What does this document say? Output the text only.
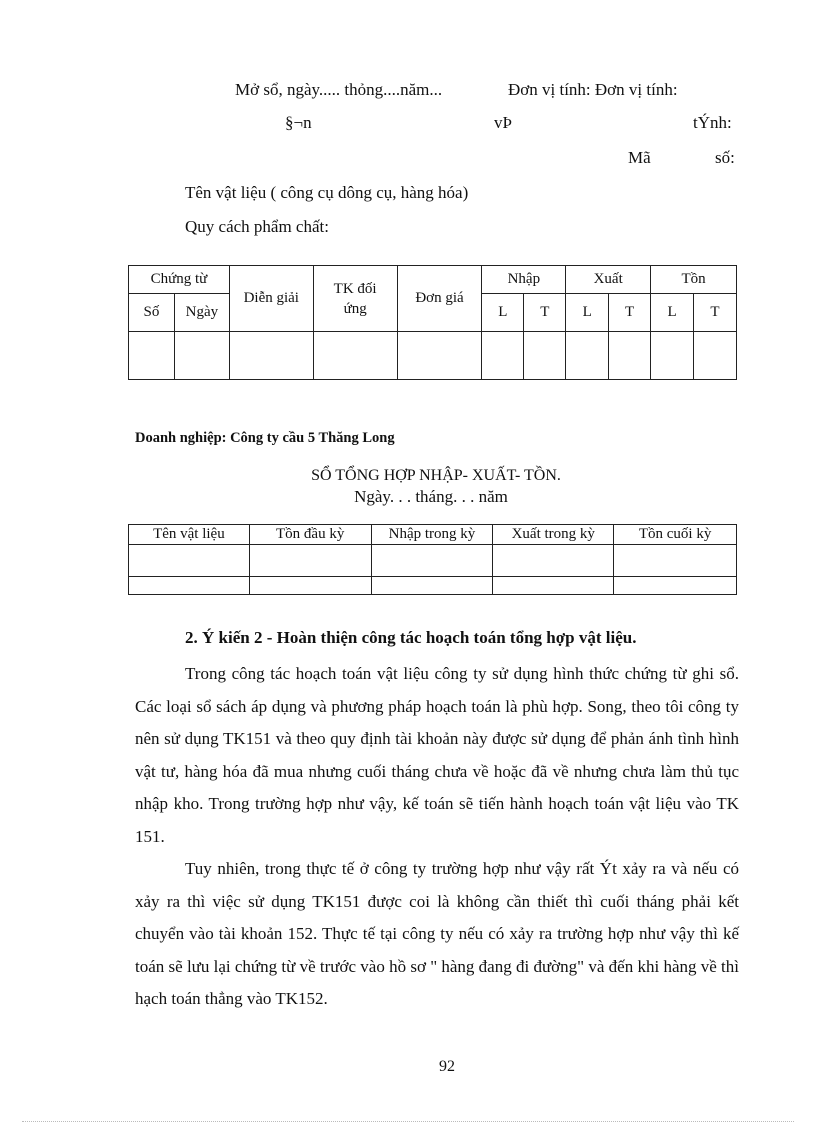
Mở sổ, ngày..... thỏng....năm...	Đơn vị tính: Đơn vị tính:
§¬n	vÞ	tÝnh:
Mã	số:
Tên vật liệu ( công cụ dông cụ, hàng hóa)
Quy cách phẩm chất:
Chứng từ		Diễn giải	TK đối ứng	Đơn giá	Nhập		Xuất		Tồn	
Số	Ngày				L	T	L	T	L	T

Doanh nghiệp: Công ty cầu 5 Thăng Long
SỔ TỔNG HỢP NHẬP- XUẤT- TỒN.
Ngày. . . tháng. . . năm
Tên vật liệu	Tồn đầu kỳ	Nhập trong kỳ	Xuất trong kỳ	Tồn cuối kỳ

2. Ý kiến 2 - Hoàn thiện công tác hoạch toán tổng hợp vật liệu.

Trong công tác hoạch toán vật liệu công ty sử dụng hình thức chứng từ ghi sổ. Các loại sổ sách áp dụng và phương pháp hoạch toán là phù hợp. Song, theo tôi công ty nên sử dụng TK151 và theo quy định tài khoản này được sử dụng để phản ánh tình hình vật tư, hàng hóa đã mua nhưng cuối tháng chưa về hoặc đã về nhưng chưa làm thủ tục nhập kho. Trong trường hợp như vậy, kế toán sẽ tiến hành hoạch toán vật liệu vào TK 151.

Tuy nhiên, trong thực tế ở công ty trường hợp như vậy rất Ýt xảy ra và nếu có xảy ra thì việc sử dụng TK151 được coi là không cần thiết thì cuối tháng phải kết chuyển vào tài khoản 152. Thực tế tại công ty nếu có xảy ra trường hợp như vậy thì kế toán sẽ lưu lại chứng từ về trước vào hồ sơ " hàng đang đi đường" và đến khi hàng về thì hạch toán thẳng vào TK152.

92
